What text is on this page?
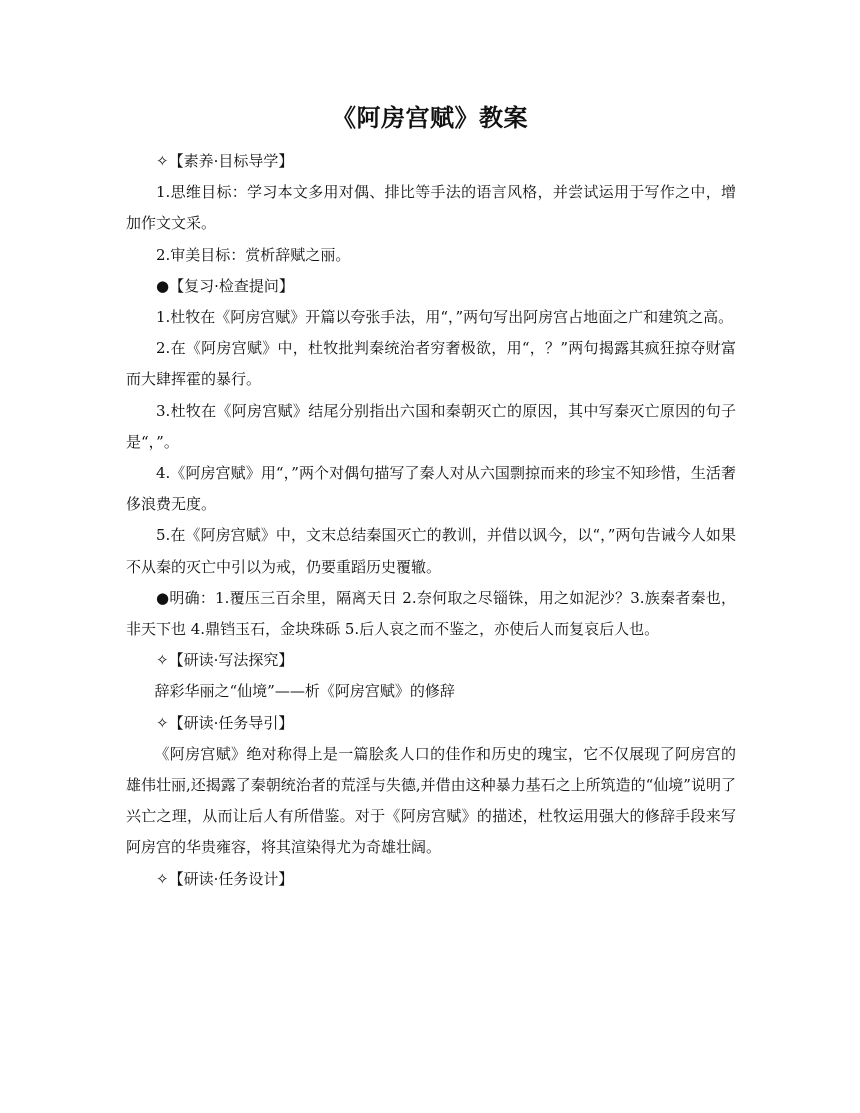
《阿房宫赋》教案

✧【素养·目标导学】

1.思维目标：学习本文多用对偶、排比等手法的语言风格，并尝试运用于写作之中，增加作文文采。

2.审美目标：赏析辞赋之丽。

●【复习·检查提问】

1.杜牧在《阿房宫赋》开篇以夸张手法，用“，”两句写出阿房宫占地面之广和建筑之高。

2.在《阿房宫赋》中，杜牧批判秦统治者穷奢极欲，用“，？”两句揭露其疯狂掠夺财富而大肆挥霍的暴行。

3.杜牧在《阿房宫赋》结尾分别指出六国和秦朝灭亡的原因，其中写秦灭亡原因的句子是“，”。

4.《阿房宫赋》用“，”两个对偶句描写了秦人对从六国剽掠而来的珍宝不知珍惜，生活奢侈浪费无度。

5.在《阿房宫赋》中，文末总结秦国灭亡的教训，并借以讽今，以“，”两句告诫今人如果不从秦的灭亡中引以为戒，仍要重蹈历史覆辙。

●明确：1.覆压三百余里，隔离天日 2.奈何取之尽锱铢，用之如泥沙？3.族秦者秦也，非天下也 4.鼎铛玉石，金块珠砾 5.后人哀之而不鉴之，亦使后人而复哀后人也。

✧【研读·写法探究】

辞彩华丽之“仙境”——析《阿房宫赋》的修辞

✧【研读·任务导引】

《阿房宫赋》绝对称得上是一篇脍炙人口的佳作和历史的瑰宝，它不仅展现了阿房宫的雄伟壮丽,还揭露了秦朝统治者的荒淫与失德,并借由这种暴力基石之上所筑造的“仙境”说明了兴亡之理，从而让后人有所借鉴。对于《阿房宫赋》的描述，杜牧运用强大的修辞手段来写阿房宫的华贵雍容，将其渲染得尤为奇雄壮阔。

✧【研读·任务设计】
